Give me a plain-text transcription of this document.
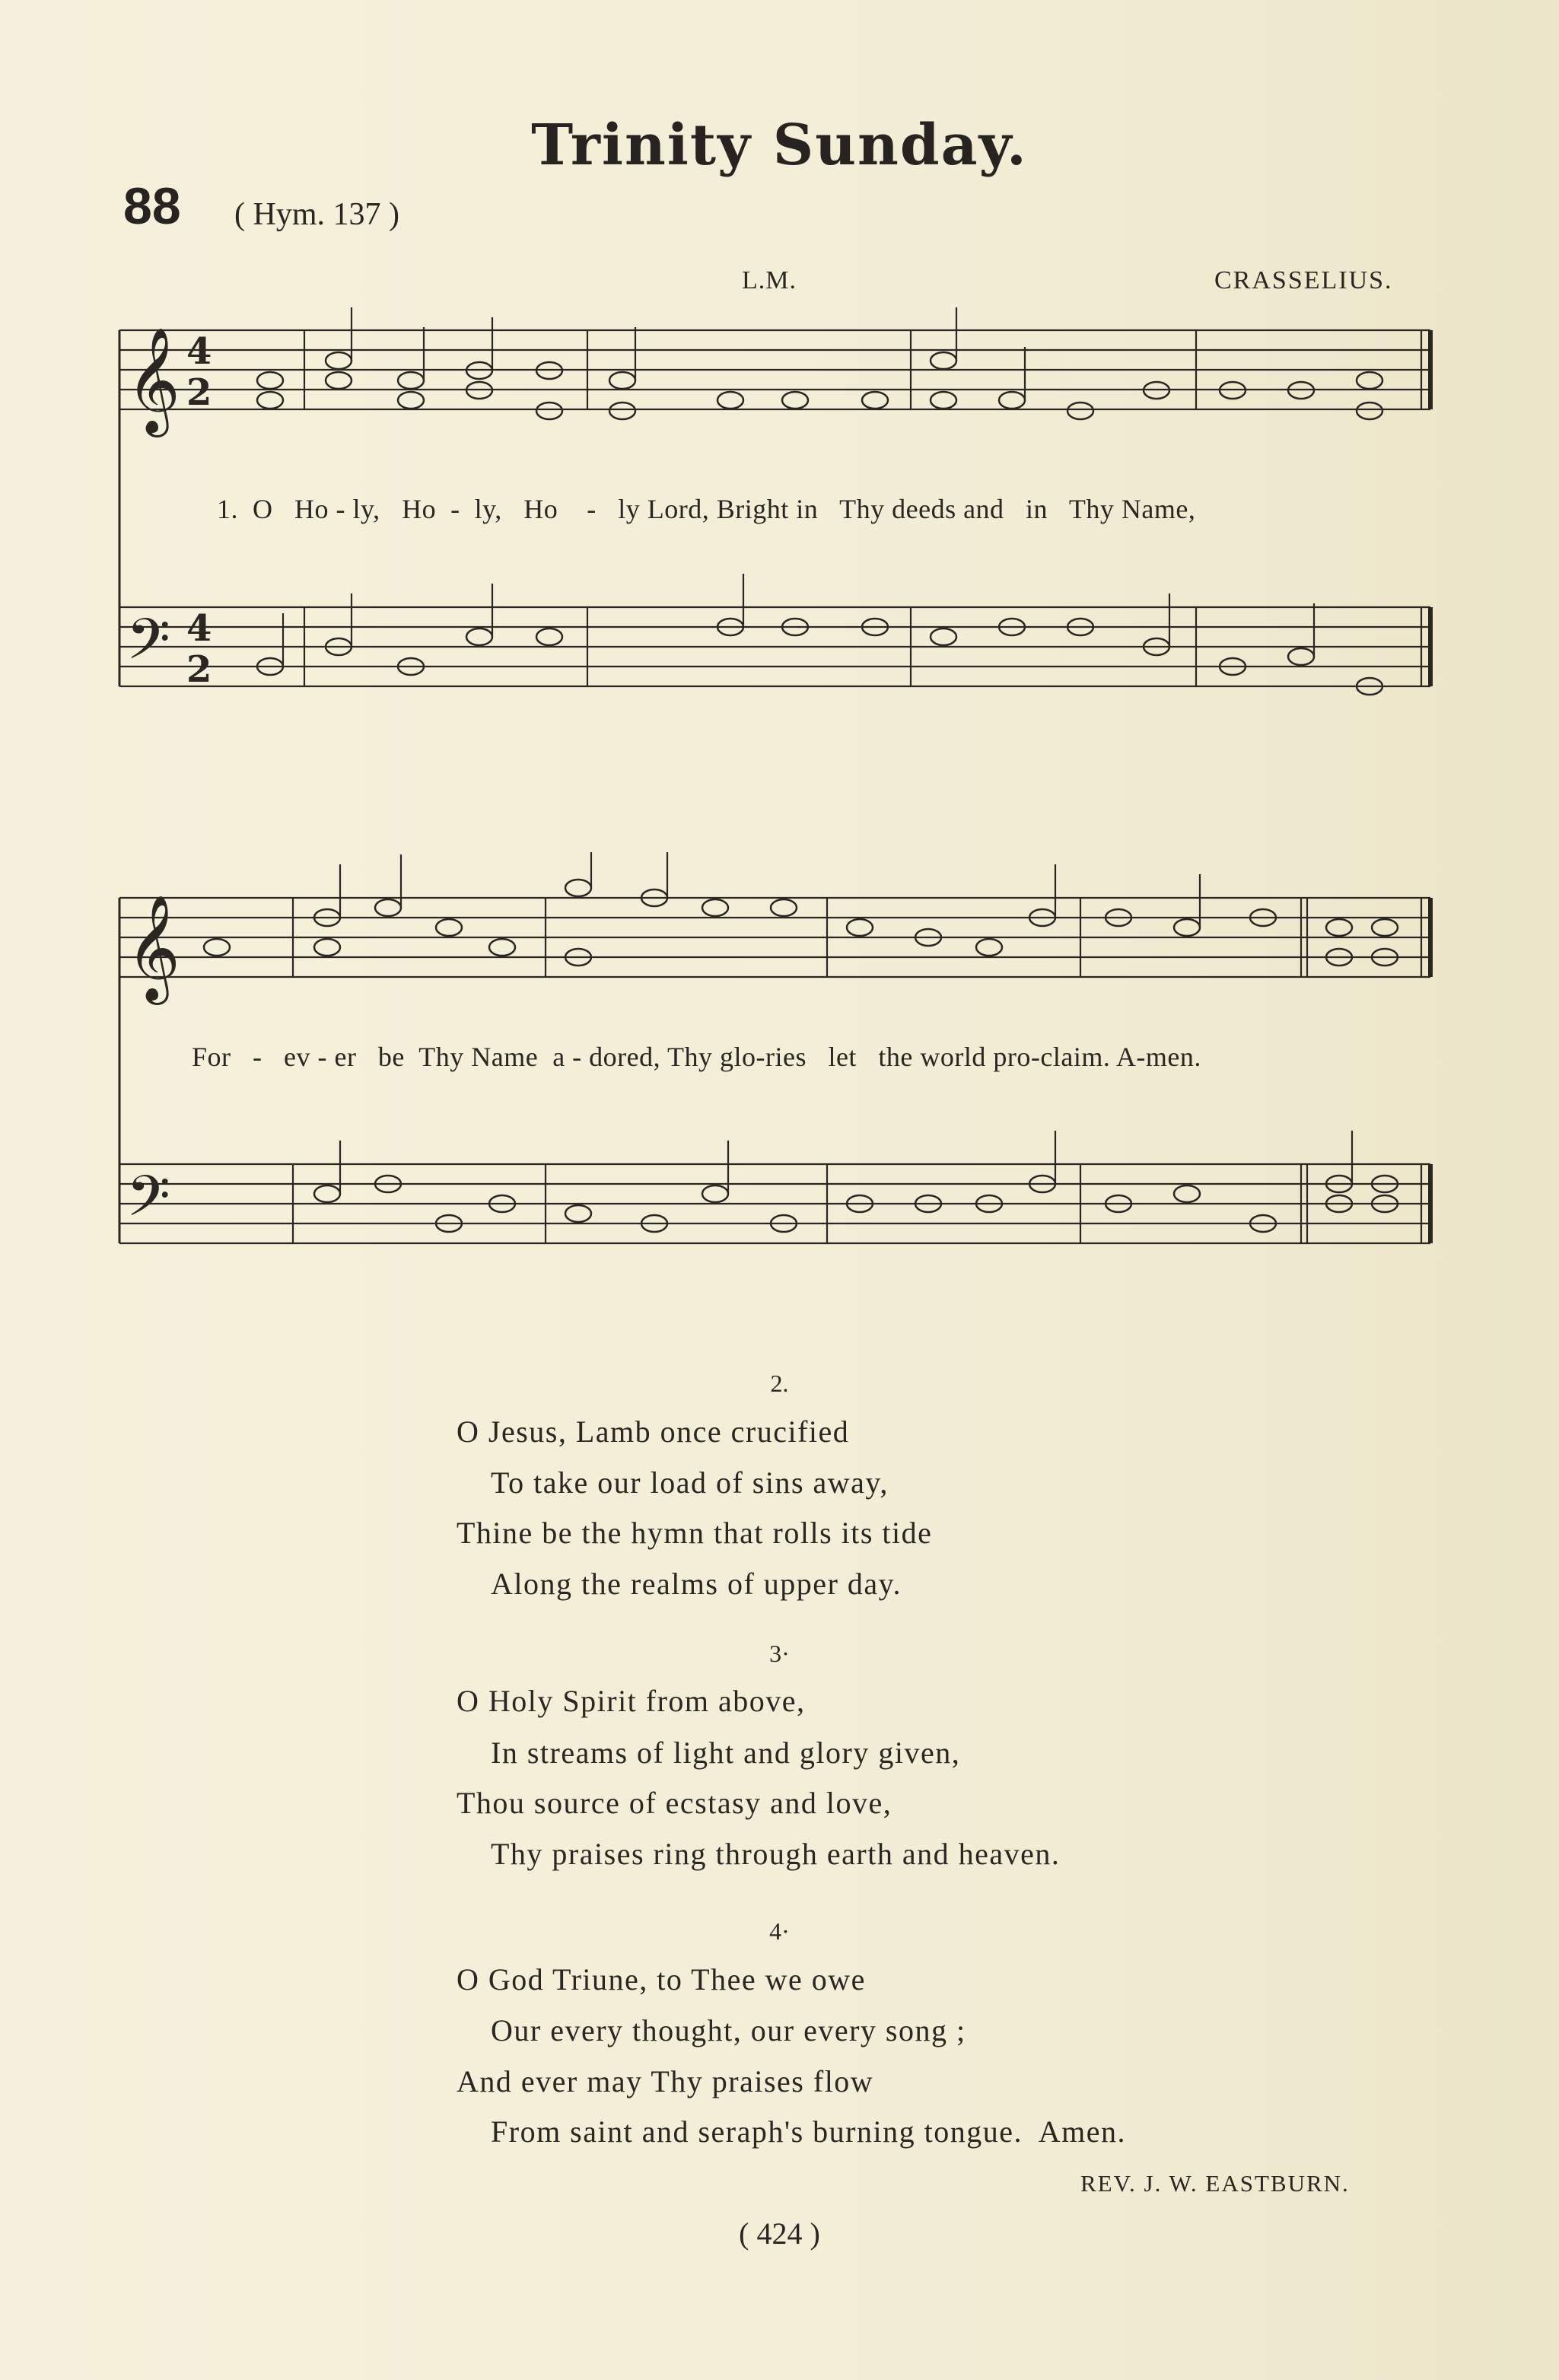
Trinity Sunday.
88 ( Hym. 137 )
L.M.	CRASSELIUS.
𝄞 4
2
𝄢 4
2
𝄞
𝄢
1.  O   Ho - ly,   Ho  -  ly,   Ho    -   ly Lord, Bright in   Thy deeds and   in   Thy Name,
For   -   ev - er   be  Thy Name  a - dored, Thy glo-ries   let   the world pro-claim. A-men.
2.
O Jesus, Lamb once crucified
To take our load of sins away,
Thine be the hymn that rolls its tide
Along the realms of upper day.
3·
O Holy Spirit from above,
In streams of light and glory given,
Thou source of ecstasy and love,
Thy praises ring through earth and heaven.
4·
O God Triune, to Thee we owe
Our every thought, our every song ;
And ever may Thy praises flow
From saint and seraph's burning tongue.  Amen.
REV. J. W. EASTBURN.
( 424 )
